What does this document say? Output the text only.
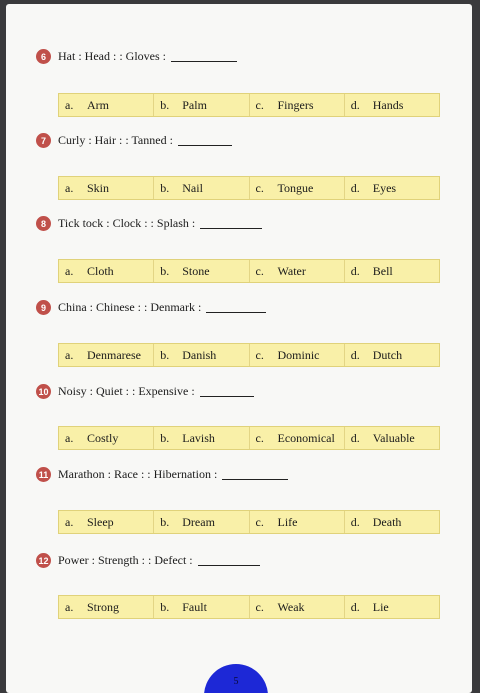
6	Hat : Head : : Gloves :
a.	Arm	b.	Palm	c.	Fingers	d.	Hands
7	Curly : Hair : : Tanned :
a.	Skin	b.	Nail	c.	Tongue	d.	Eyes
8	Tick tock : Clock : : Splash :
a.	Cloth	b.	Stone	c.	Water	d.	Bell
9	China : Chinese : : Denmark :
a.	Denmarese b.	Danish	c.	Dominic	d.	Dutch
10 Noisy : Quiet : : Expensive :
a.	Costly	b.	Lavish	c.	Economical d.	Valuable
11 Marathon : Race : : Hibernation :
a.	Sleep	b.	Dream	c.	Life	d.	Death
12 Power : Strength : : Defect :
a.	Strong	b.	Fault	c.	Weak	d.	Lie
5
